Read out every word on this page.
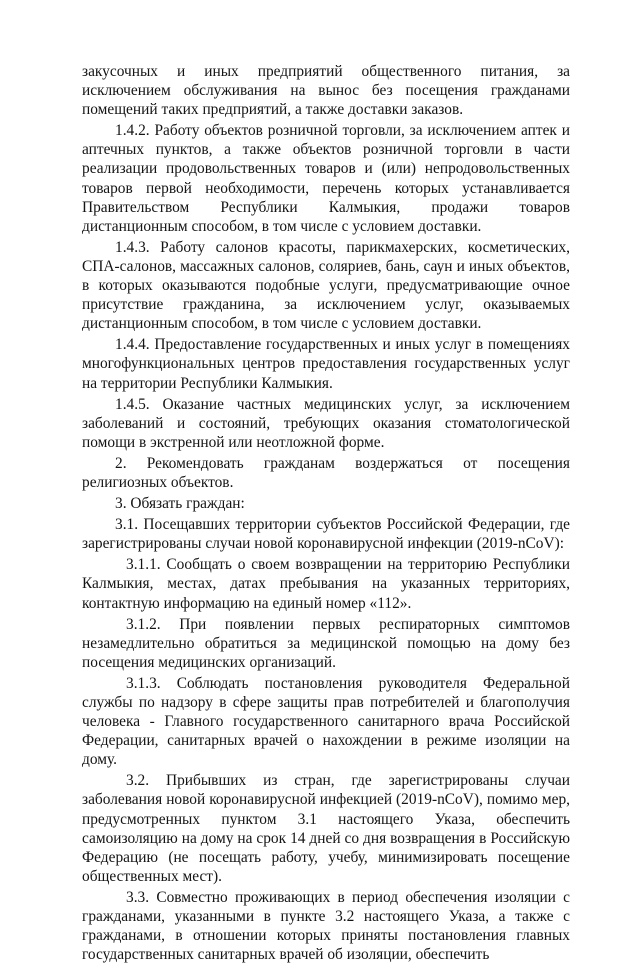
закусочных и иных предприятий общественного питания, за исключением обслуживания на вынос без посещения гражданами помещений таких предприятий, а также доставки заказов.

1.4.2. Работу объектов розничной торговли, за исключением аптек и аптечных пунктов, а также объектов розничной торговли в части реализации продовольственных товаров и (или) непродовольственных товаров первой необходимости, перечень которых устанавливается Правительством Республики Калмыкия, продажи товаров дистанционным способом, в том числе с условием доставки.

1.4.3. Работу салонов красоты, парикмахерских, косметических, СПА-салонов, массажных салонов, соляриев, бань, саун и иных объектов, в которых оказываются подобные услуги, предусматривающие очное присутствие гражданина, за исключением услуг, оказываемых дистанционным способом, в том числе с условием доставки.

1.4.4. Предоставление государственных и иных услуг в помещениях многофункциональных центров предоставления государственных услуг на территории Республики Калмыкия.

1.4.5. Оказание частных медицинских услуг, за исключением заболеваний и состояний, требующих оказания стоматологической помощи в экстренной или неотложной форме.

2. Рекомендовать гражданам воздержаться от посещения религиозных объектов.

3. Обязать граждан:

3.1. Посещавших территории субъектов Российской Федерации, где зарегистрированы случаи новой коронавирусной инфекции (2019-nCoV):

3.1.1. Сообщать о своем возвращении на территорию Республики Калмыкия, местах, датах пребывания на указанных территориях, контактную информацию на единый номер «112».

3.1.2. При появлении первых респираторных симптомов незамедлительно обратиться за медицинской помощью на дому без посещения медицинских организаций.

3.1.3. Соблюдать постановления руководителя Федеральной службы по надзору в сфере защиты прав потребителей и благополучия человека - Главного государственного санитарного врача Российской Федерации, санитарных врачей о нахождении в режиме изоляции на дому.

3.2. Прибывших из стран, где зарегистрированы случаи заболевания новой коронавирусной инфекцией (2019-nCoV), помимо мер, предусмотренных пунктом 3.1 настоящего Указа, обеспечить самоизоляцию на дому на срок 14 дней со дня возвращения в Российскую Федерацию (не посещать работу, учебу, минимизировать посещение общественных мест).

3.3. Совместно проживающих в период обеспечения изоляции с гражданами, указанными в пункте 3.2 настоящего Указа, а также с гражданами, в отношении которых приняты постановления главных государственных санитарных врачей об изоляции, обеспечить
